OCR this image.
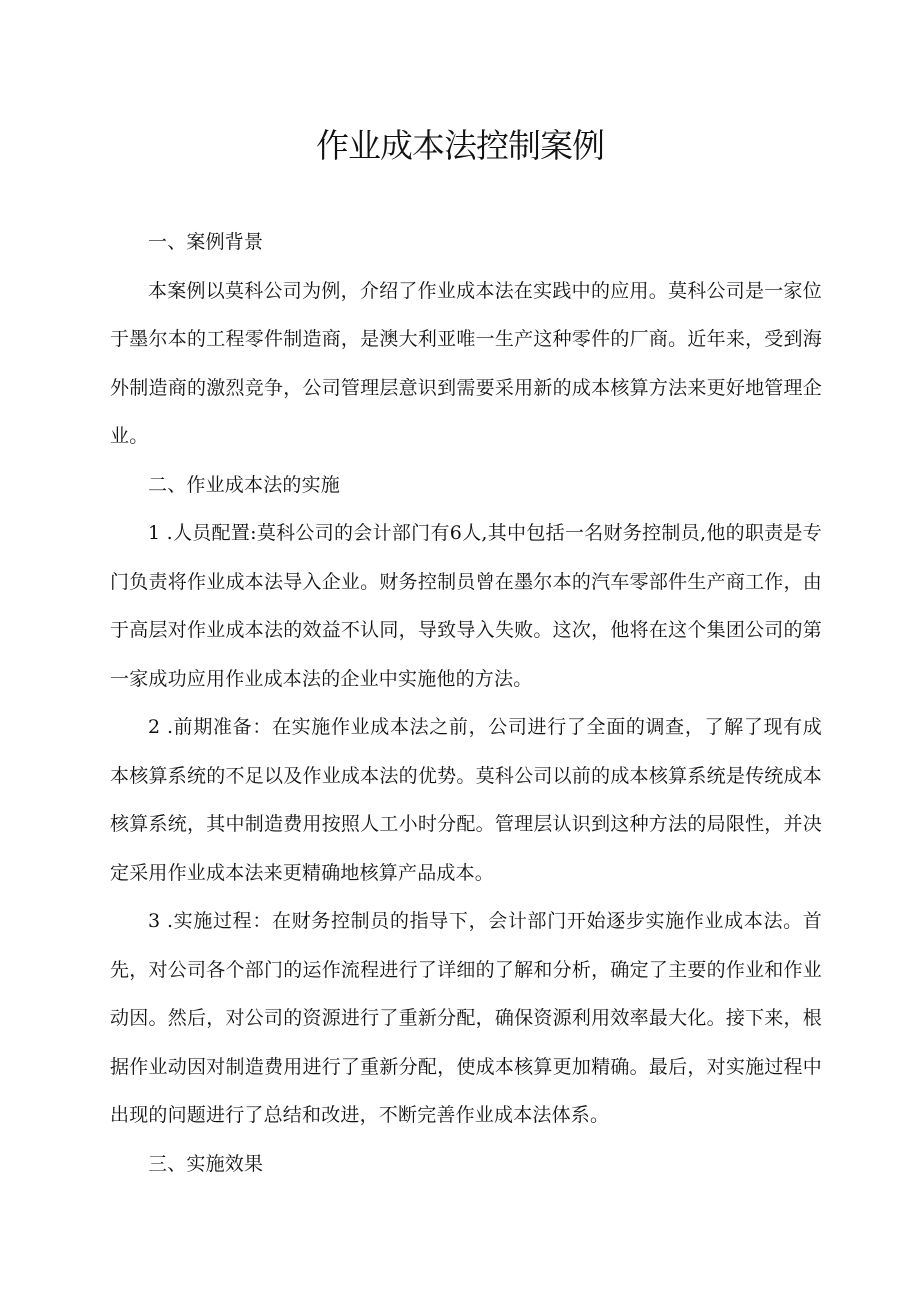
作业成本法控制案例

一、案例背景

本案例以莫科公司为例，介绍了作业成本法在实践中的应用。莫科公司是一家位于墨尔本的工程零件制造商，是澳大利亚唯一生产这种零件的厂商。近年来，受到海外制造商的激烈竞争，公司管理层意识到需要采用新的成本核算方法来更好地管理企业。

二、作业成本法的实施

1 .人员配置:莫科公司的会计部门有6人,其中包括一名财务控制员,他的职责是专门负责将作业成本法导入企业。财务控制员曾在墨尔本的汽车零部件生产商工作，由于高层对作业成本法的效益不认同，导致导入失败。这次，他将在这个集团公司的第一家成功应用作业成本法的企业中实施他的方法。

2 .前期准备：在实施作业成本法之前，公司进行了全面的调查，了解了现有成本核算系统的不足以及作业成本法的优势。莫科公司以前的成本核算系统是传统成本核算系统，其中制造费用按照人工小时分配。管理层认识到这种方法的局限性，并决定采用作业成本法来更精确地核算产品成本。

3 .实施过程：在财务控制员的指导下，会计部门开始逐步实施作业成本法。首先，对公司各个部门的运作流程进行了详细的了解和分析，确定了主要的作业和作业动因。然后，对公司的资源进行了重新分配，确保资源利用效率最大化。接下来，根据作业动因对制造费用进行了重新分配，使成本核算更加精确。最后，对实施过程中出现的问题进行了总结和改进，不断完善作业成本法体系。

三、实施效果
